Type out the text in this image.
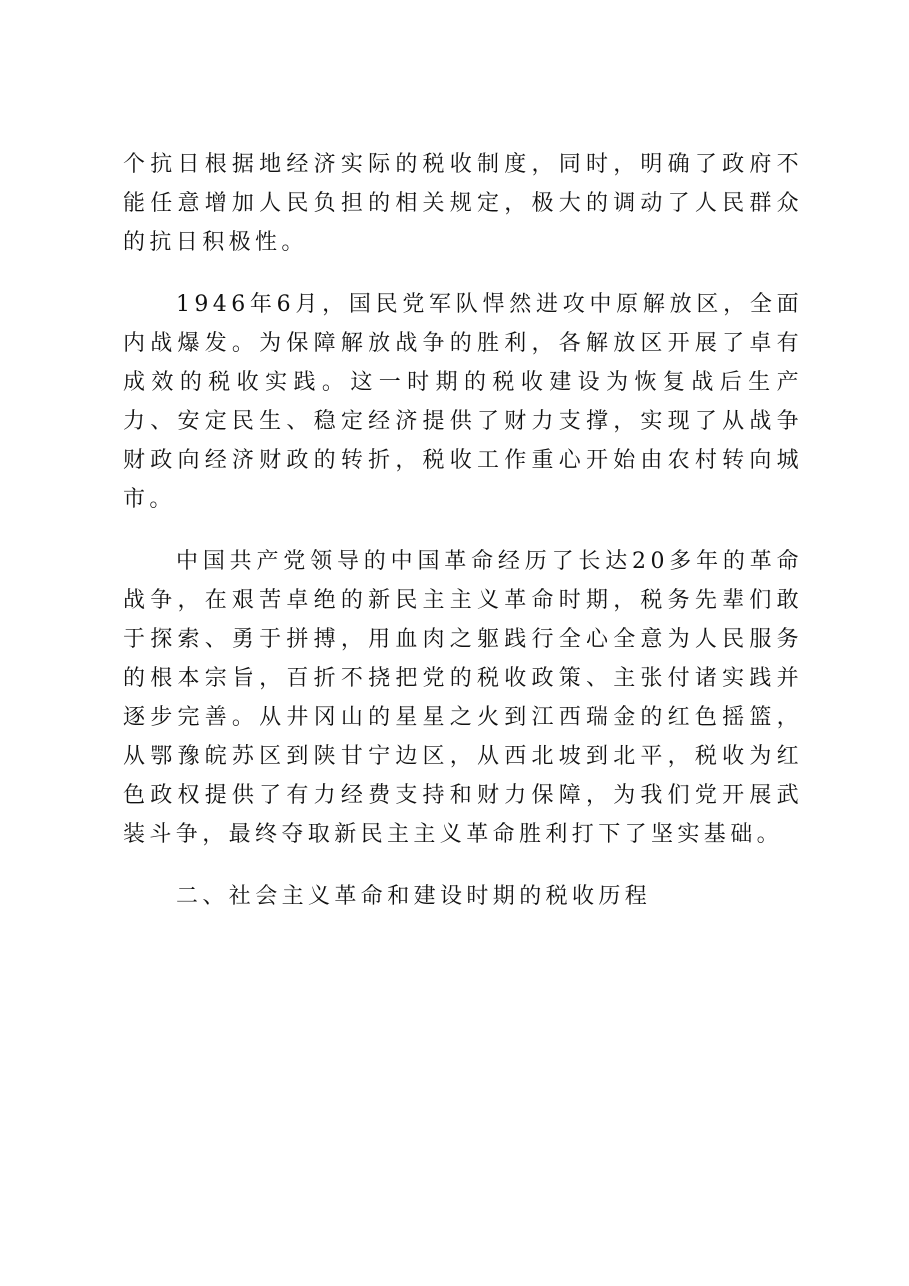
个抗日根据地经济实际的税收制度，同时，明确了政府不能任意增加人民负担的相关规定，极大的调动了人民群众的抗日积极性。

1946年6月，国民党军队悍然进攻中原解放区，全面内战爆发。为保障解放战争的胜利，各解放区开展了卓有成效的税收实践。这一时期的税收建设为恢复战后生产力、安定民生、稳定经济提供了财力支撑，实现了从战争财政向经济财政的转折，税收工作重心开始由农村转向城市。

中国共产党领导的中国革命经历了长达20多年的革命战争，在艰苦卓绝的新民主主义革命时期，税务先辈们敢于探索、勇于拼搏，用血肉之躯践行全心全意为人民服务的根本宗旨，百折不挠把党的税收政策、主张付诸实践并逐步完善。从井冈山的星星之火到江西瑞金的红色摇篮，从鄂豫皖苏区到陕甘宁边区，从西北坡到北平，税收为红色政权提供了有力经费支持和财力保障，为我们党开展武装斗争，最终夺取新民主主义革命胜利打下了坚实基础。

二、社会主义革命和建设时期的税收历程
